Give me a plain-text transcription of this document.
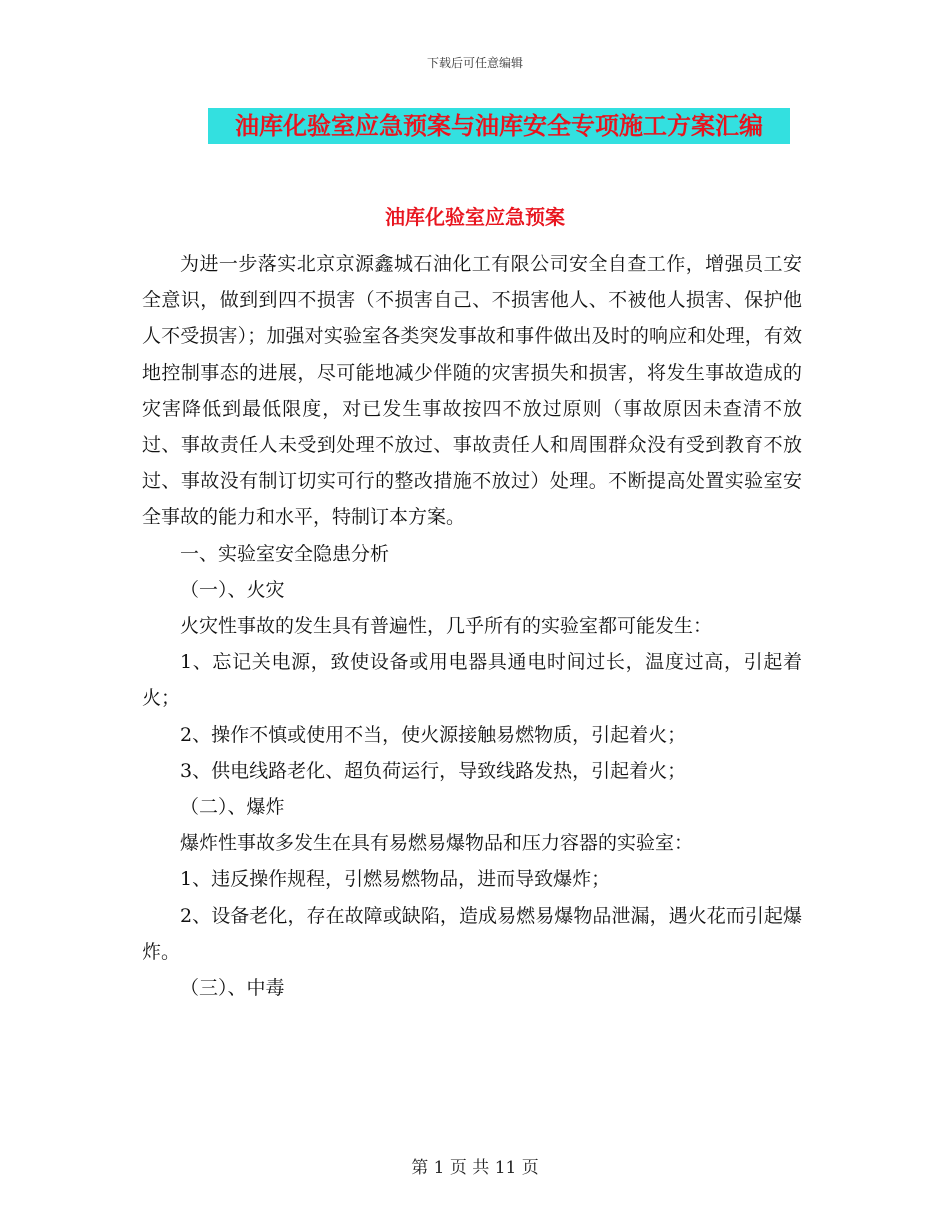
下载后可任意编辑
油库化验室应急预案与油库安全专项施工方案汇编
油库化验室应急预案

为进一步落实北京京源鑫城石油化工有限公司安全自查工作，增强员工安全意识，做到到四不损害（不损害自己、不损害他人、不被他人损害、保护他人不受损害）；加强对实验室各类突发事故和事件做出及时的响应和处理，有效地控制事态的进展，尽可能地减少伴随的灾害损失和损害，将发生事故造成的灾害降低到最低限度，对已发生事故按四不放过原则（事故原因未查清不放过、事故责任人未受到处理不放过、事故责任人和周围群众没有受到教育不放过、事故没有制订切实可行的整改措施不放过）处理。不断提高处置实验室安全事故的能力和水平，特制订本方案。

一、实验室安全隐患分析

（一）、火灾

火灾性事故的发生具有普遍性，几乎所有的实验室都可能发生：

1、忘记关电源，致使设备或用电器具通电时间过长，温度过高，引起着火；

2、操作不慎或使用不当，使火源接触易燃物质，引起着火；

3、供电线路老化、超负荷运行，导致线路发热，引起着火；

（二）、爆炸

爆炸性事故多发生在具有易燃易爆物品和压力容器的实验室：

1、违反操作规程，引燃易燃物品，进而导致爆炸；

2、设备老化，存在故障或缺陷，造成易燃易爆物品泄漏，遇火花而引起爆炸。

（三）、中毒

第 1 页 共 11 页
